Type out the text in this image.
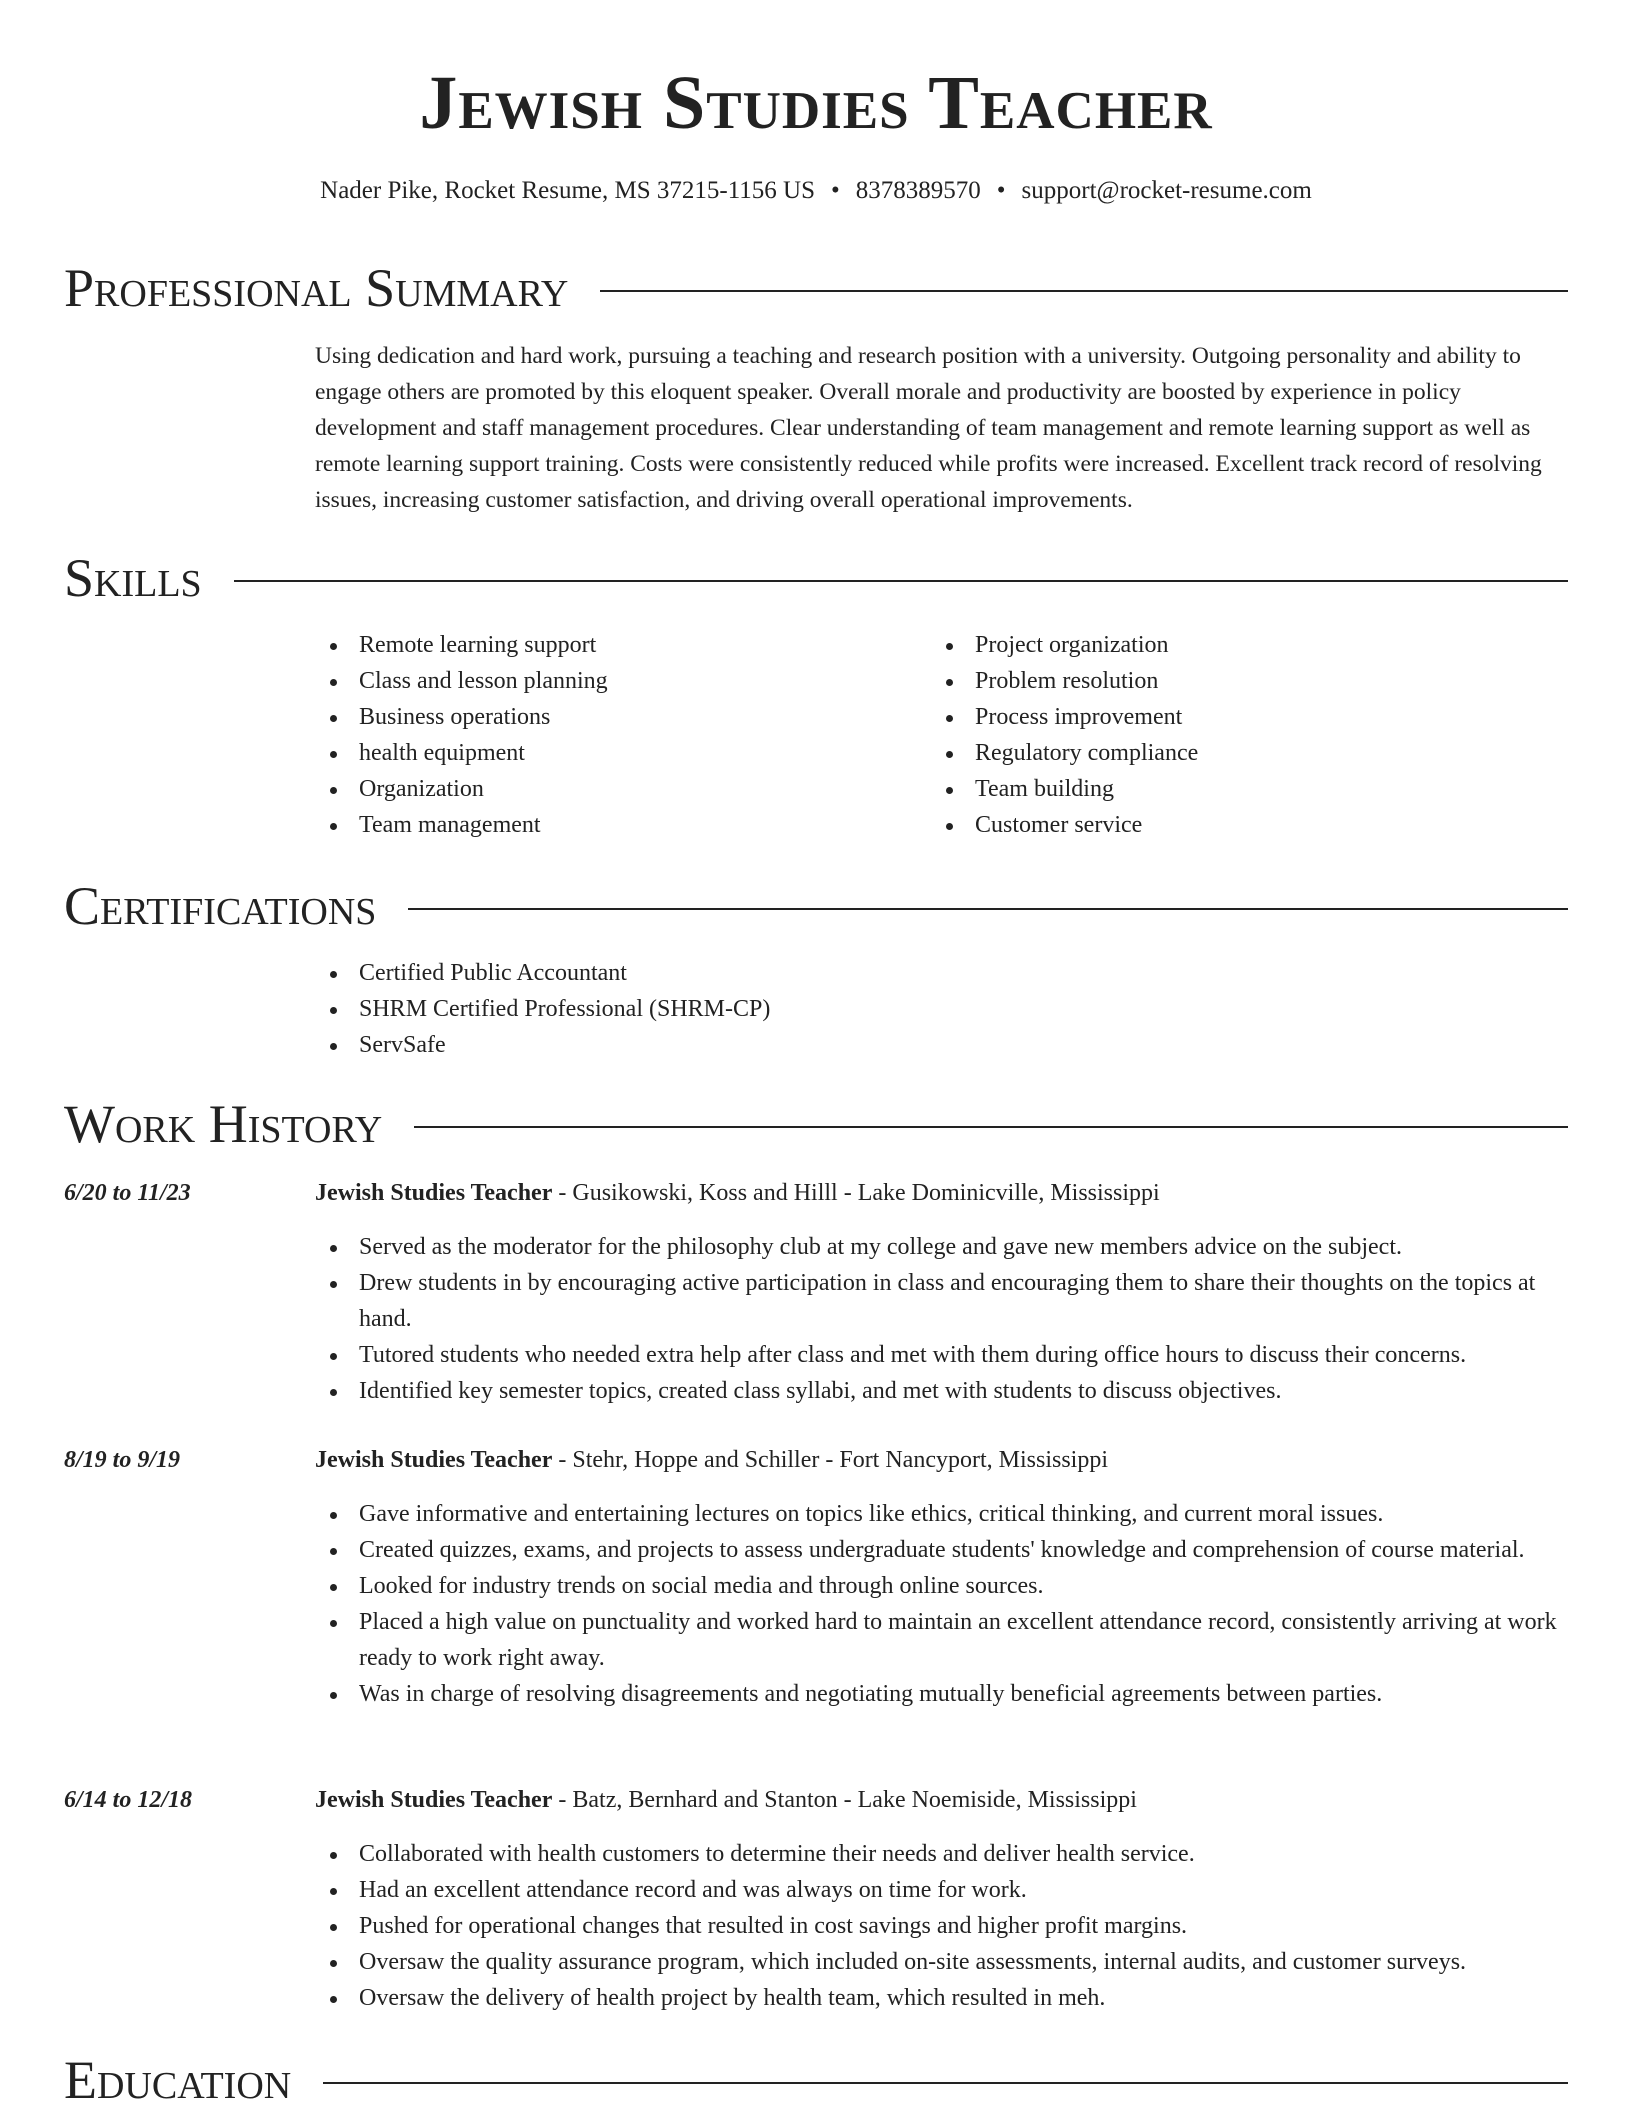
Jewish Studies Teacher
Nader Pike, Rocket Resume, MS 37215-1156 US • 8378389570 • support@rocket-resume.com
Professional Summary

Using dedication and hard work, pursuing a teaching and research position with a university. Outgoing personality and ability to engage others are promoted by this eloquent speaker. Overall morale and productivity are boosted by experience in policy development and staff management procedures. Clear understanding of team management and remote learning support as well as remote learning support training. Costs were consistently reduced while profits were increased. Excellent track record of resolving issues, increasing customer satisfaction, and driving overall operational improvements.

Skills
Remote learning support
Class and lesson planning
Business operations
health equipment
Organization
Team management
Project organization
Problem resolution
Process improvement
Regulatory compliance
Team building
Customer service
Certifications
Certified Public Accountant
SHRM Certified Professional (SHRM-CP)
ServSafe
Work History
6/20 to 11/23	Jewish Studies Teacher - Gusikowski, Koss and Hilll - Lake Dominicville, Mississippi
Served as the moderator for the philosophy club at my college and gave new members advice on the subject.
Drew students in by encouraging active participation in class and encouraging them to share their thoughts on the topics at hand.
Tutored students who needed extra help after class and met with them during office hours to discuss their concerns.
Identified key semester topics, created class syllabi, and met with students to discuss objectives.
8/19 to 9/19	Jewish Studies Teacher - Stehr, Hoppe and Schiller - Fort Nancyport, Mississippi
Gave informative and entertaining lectures on topics like ethics, critical thinking, and current moral issues.
Created quizzes, exams, and projects to assess undergraduate students' knowledge and comprehension of course material.
Looked for industry trends on social media and through online sources.
Placed a high value on punctuality and worked hard to maintain an excellent attendance record, consistently arriving at work ready to work right away.
Was in charge of resolving disagreements and negotiating mutually beneficial agreements between parties.
6/14 to 12/18	Jewish Studies Teacher - Batz, Bernhard and Stanton - Lake Noemiside, Mississippi
Collaborated with health customers to determine their needs and deliver health service.
Had an excellent attendance record and was always on time for work.
Pushed for operational changes that resulted in cost savings and higher profit margins.
Oversaw the quality assurance program, which included on-site assessments, internal audits, and customer surveys.
Oversaw the delivery of health project by health team, which resulted in meh.
Education
